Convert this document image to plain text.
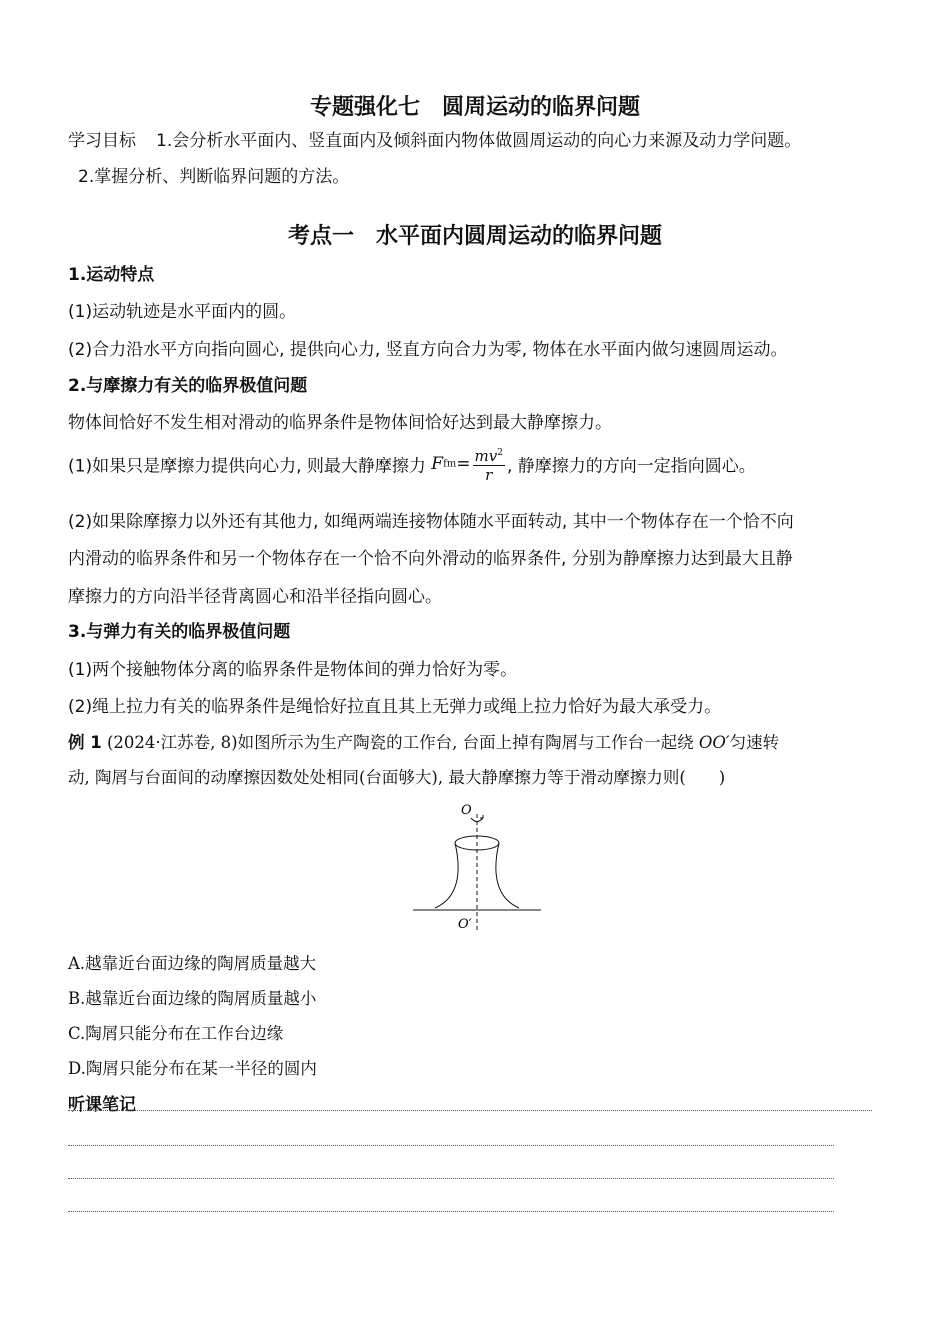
专题强化七　圆周运动的临界问题
学习目标 1.会分析水平面内、竖直面内及倾斜面内物体做圆周运动的向心力来源及动力学问题。
2.掌握分析、判断临界问题的方法。
考点一　水平面内圆周运动的临界问题
1.运动特点
(1)运动轨迹是水平面内的圆。
(2)合力沿水平方向指向圆心, 提供向心力, 竖直方向合力为零, 物体在水平面内做匀速圆周运动。
2.与摩擦力有关的临界极值问题
物体间恰好不发生相对滑动的临界条件是物体间恰好达到最大静摩擦力。
(1)如果只是摩擦力提供向心力, 则最大静摩擦力 $Ffm= \frac{mv^2}{r}$ , 静摩擦力的方向一定指向圆心。
(2)如果除摩擦力以外还有其他力, 如绳两端连接物体随水平面转动, 其中一个物体存在一个恰不向
内滑动的临界条件和另一个物体存在一个恰不向外滑动的临界条件, 分别为静摩擦力达到最大且静
摩擦力的方向沿半径背离圆心和沿半径指向圆心。
3.与弹力有关的临界极值问题
(1)两个接触物体分离的临界条件是物体间的弹力恰好为零。
(2)绳上拉力有关的临界条件是绳恰好拉直且其上无弹力或绳上拉力恰好为最大承受力。
例 1 (2024·江苏卷, 8)如图所示为生产陶瓷的工作台, 台面上掉有陶屑与工作台一起绕 OO′匀速转
动, 陶屑与台面间的动摩擦因数处处相同(台面够大), 最大静摩擦力等于滑动摩擦力则(　　)
O
O′
A.越靠近台面边缘的陶屑质量越大
B.越靠近台面边缘的陶屑质量越小
C.陶屑只能分布在工作台边缘
D.陶屑只能分布在某一半径的圆内
听课笔记
